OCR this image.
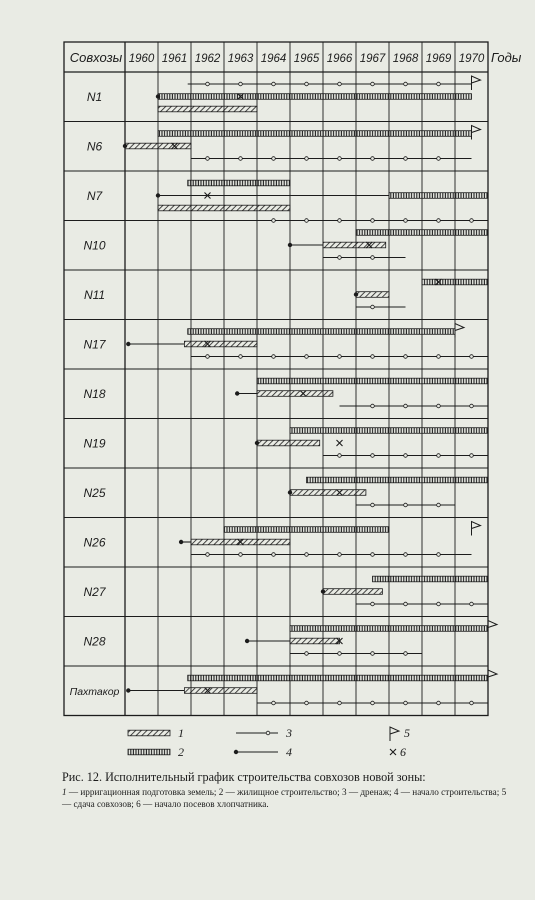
Совхозы	Годы
1960 1961 1962 1963 1964 1965 1966 1967 1968 1969 1970
N1
N6
N7
N10
N11
N17
N18
N19
N25
N26
N27
N28
Пахтакор
1
2
3
4
5
6
Рис. 12. Исполнительный график строительства совхозов новой зоны:
1 — ирригационная подготовка земель; 2 — жилищное строительство; 3 — дренаж; 4 — начало строительства; 5 — сдача совхозов; 6 — начало посевов хлопчатника.
